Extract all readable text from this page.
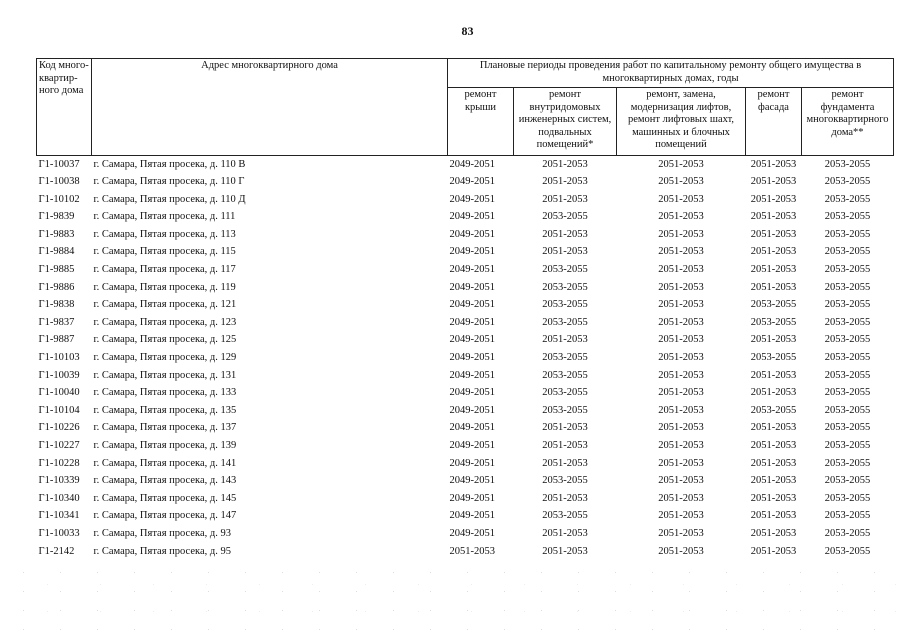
83
Код много-квартир-ного дома	Адрес многоквартирного дома	Плановые периоды проведения работ по капитальному ремонту общего имущества в многоквартирных домах, годы				
		ремонт крыши	ремонт внутридомовых инженерных систем, подвальных помещений*	ремонт, замена, модернизация лифтов, ремонт лифтовых шахт, машинных и блочных помещений	ремонт фасада	ремонт фундамента многоквартирного дома**
Г1-10037	г. Самара, Пятая просека, д. 110 В	2049-2051	2051-2053	2051-2053	2051-2053	2053-2055
Г1-10038	г. Самара, Пятая просека, д. 110 Г	2049-2051	2051-2053	2051-2053	2051-2053	2053-2055
Г1-10102	г. Самара, Пятая просека, д. 110 Д	2049-2051	2051-2053	2051-2053	2051-2053	2053-2055
Г1-9839	г. Самара, Пятая просека, д. 111	2049-2051	2053-2055	2051-2053	2051-2053	2053-2055
Г1-9883	г. Самара, Пятая просека, д. 113	2049-2051	2051-2053	2051-2053	2051-2053	2053-2055
Г1-9884	г. Самара, Пятая просека, д. 115	2049-2051	2051-2053	2051-2053	2051-2053	2053-2055
Г1-9885	г. Самара, Пятая просека, д. 117	2049-2051	2053-2055	2051-2053	2051-2053	2053-2055
Г1-9886	г. Самара, Пятая просека, д. 119	2049-2051	2053-2055	2051-2053	2051-2053	2053-2055
Г1-9838	г. Самара, Пятая просека, д. 121	2049-2051	2053-2055	2051-2053	2053-2055	2053-2055
Г1-9837	г. Самара, Пятая просека, д. 123	2049-2051	2053-2055	2051-2053	2053-2055	2053-2055
Г1-9887	г. Самара, Пятая просека, д. 125	2049-2051	2051-2053	2051-2053	2051-2053	2053-2055
Г1-10103	г. Самара, Пятая просека, д. 129	2049-2051	2053-2055	2051-2053	2053-2055	2053-2055
Г1-10039	г. Самара, Пятая просека, д. 131	2049-2051	2053-2055	2051-2053	2051-2053	2053-2055
Г1-10040	г. Самара, Пятая просека, д. 133	2049-2051	2053-2055	2051-2053	2051-2053	2053-2055
Г1-10104	г. Самара, Пятая просека, д. 135	2049-2051	2053-2055	2051-2053	2053-2055	2053-2055
Г1-10226	г. Самара, Пятая просека, д. 137	2049-2051	2051-2053	2051-2053	2051-2053	2053-2055
Г1-10227	г. Самара, Пятая просека, д. 139	2049-2051	2051-2053	2051-2053	2051-2053	2053-2055
Г1-10228	г. Самара, Пятая просека, д. 141	2049-2051	2051-2053	2051-2053	2051-2053	2053-2055
Г1-10339	г. Самара, Пятая просека, д. 143	2049-2051	2053-2055	2051-2053	2051-2053	2053-2055
Г1-10340	г. Самара, Пятая просека, д. 145	2049-2051	2051-2053	2051-2053	2051-2053	2053-2055
Г1-10341	г. Самара, Пятая просека, д. 147	2049-2051	2053-2055	2051-2053	2051-2053	2053-2055
Г1-10033	г. Самара, Пятая просека, д. 93	2049-2051	2051-2053	2051-2053	2051-2053	2053-2055
Г1-2142	г. Самара, Пятая просека, д. 95	2051-2053	2051-2053	2051-2053	2051-2053	2053-2055
